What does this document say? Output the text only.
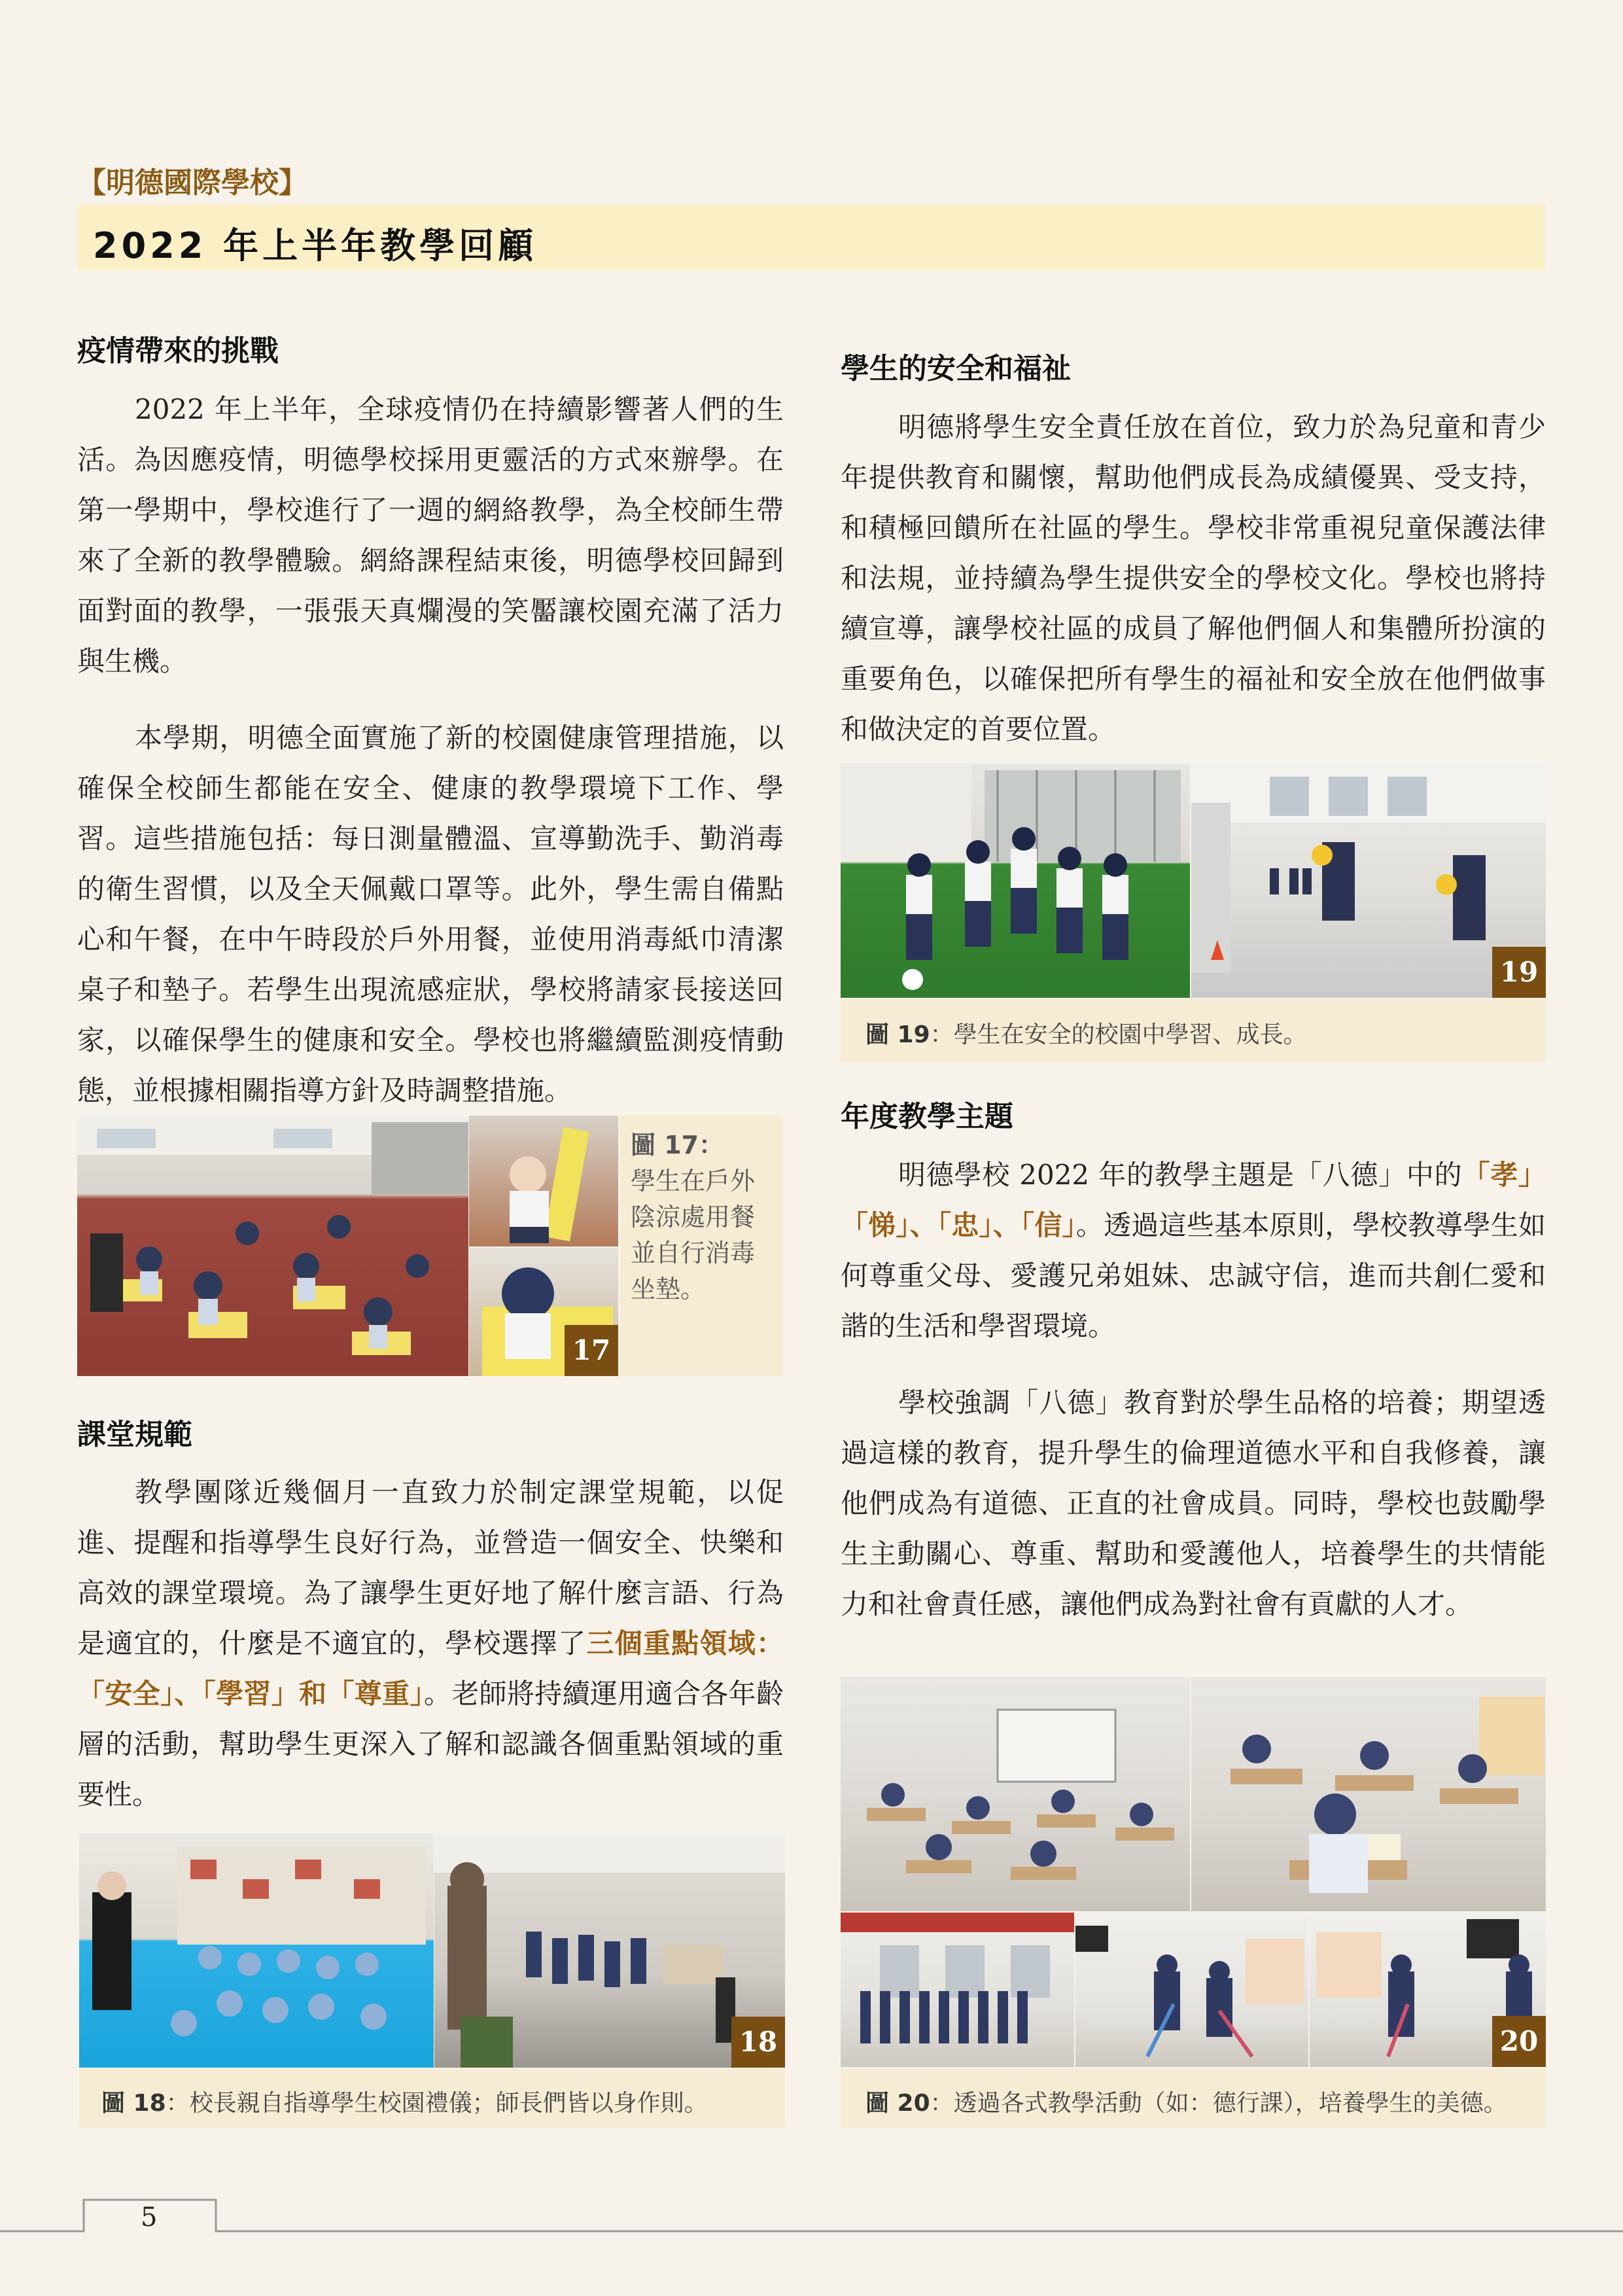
【明德國際學校】
2022 年上半年教學回顧
疫情帶來的挑戰

2022 年上半年，全球疫情仍在持續影響著人們的生活。為因應疫情，明德學校採用更靈活的方式來辦學。在第一學期中，學校進行了一週的網絡教學，為全校師生帶來了全新的教學體驗。網絡課程結束後，明德學校回歸到面對面的教學，一張張天真爛漫的笑靨讓校園充滿了活力與生機。

本學期，明德全面實施了新的校園健康管理措施，以確保全校師生都能在安全、健康的教學環境下工作、學習。這些措施包括：每日測量體溫、宣導勤洗手、勤消毒的衛生習慣，以及全天佩戴口罩等。此外，學生需自備點心和午餐，在中午時段於戶外用餐，並使用消毒紙巾清潔桌子和墊子。若學生出現流感症狀，學校將請家長接送回家，以確保學生的健康和安全。學校也將繼續監測疫情動態，並根據相關指導方針及時調整措施。

17
圖 17：
學生在戶外陰涼處用餐並自行消毒坐墊。
課堂規範

教學團隊近幾個月一直致力於制定課堂規範，以促進、提醒和指導學生良好行為，並營造一個安全、快樂和高效的課堂環境。為了讓學生更好地了解什麼言語、行為是適宜的，什麼是不適宜的，學校選擇了三個重點領域：「安全」、「學習」和「尊重」。老師將持續運用適合各年齡層的活動，幫助學生更深入了解和認識各個重點領域的重要性。

18
圖 18：校長親自指導學生校園禮儀；師長們皆以身作則。
學生的安全和福祉

明德將學生安全責任放在首位，致力於為兒童和青少年提供教育和關懷，幫助他們成長為成績優異、受支持，和積極回饋所在社區的學生。學校非常重視兒童保護法律和法規，並持續為學生提供安全的學校文化。學校也將持續宣導，讓學校社區的成員了解他們個人和集體所扮演的重要角色，以確保把所有學生的福祉和安全放在他們做事和做決定的首要位置。

19
圖 19：學生在安全的校園中學習、成長。
年度教學主題

明德學校 2022 年的教學主題是「八德」中的「孝」「悌」、「忠」、「信」。透過這些基本原則，學校教導學生如何尊重父母、愛護兄弟姐妹、忠誠守信，進而共創仁愛和諧的生活和學習環境。

學校強調「八德」教育對於學生品格的培養；期望透過這樣的教育，提升學生的倫理道德水平和自我修養，讓他們成為有道德、正直的社會成員。同時，學校也鼓勵學生主動關心、尊重、幫助和愛護他人，培養學生的共情能力和社會責任感，讓他們成為對社會有貢獻的人才。

20
圖 20：透過各式教學活動（如：德行課），培養學生的美德。
5
